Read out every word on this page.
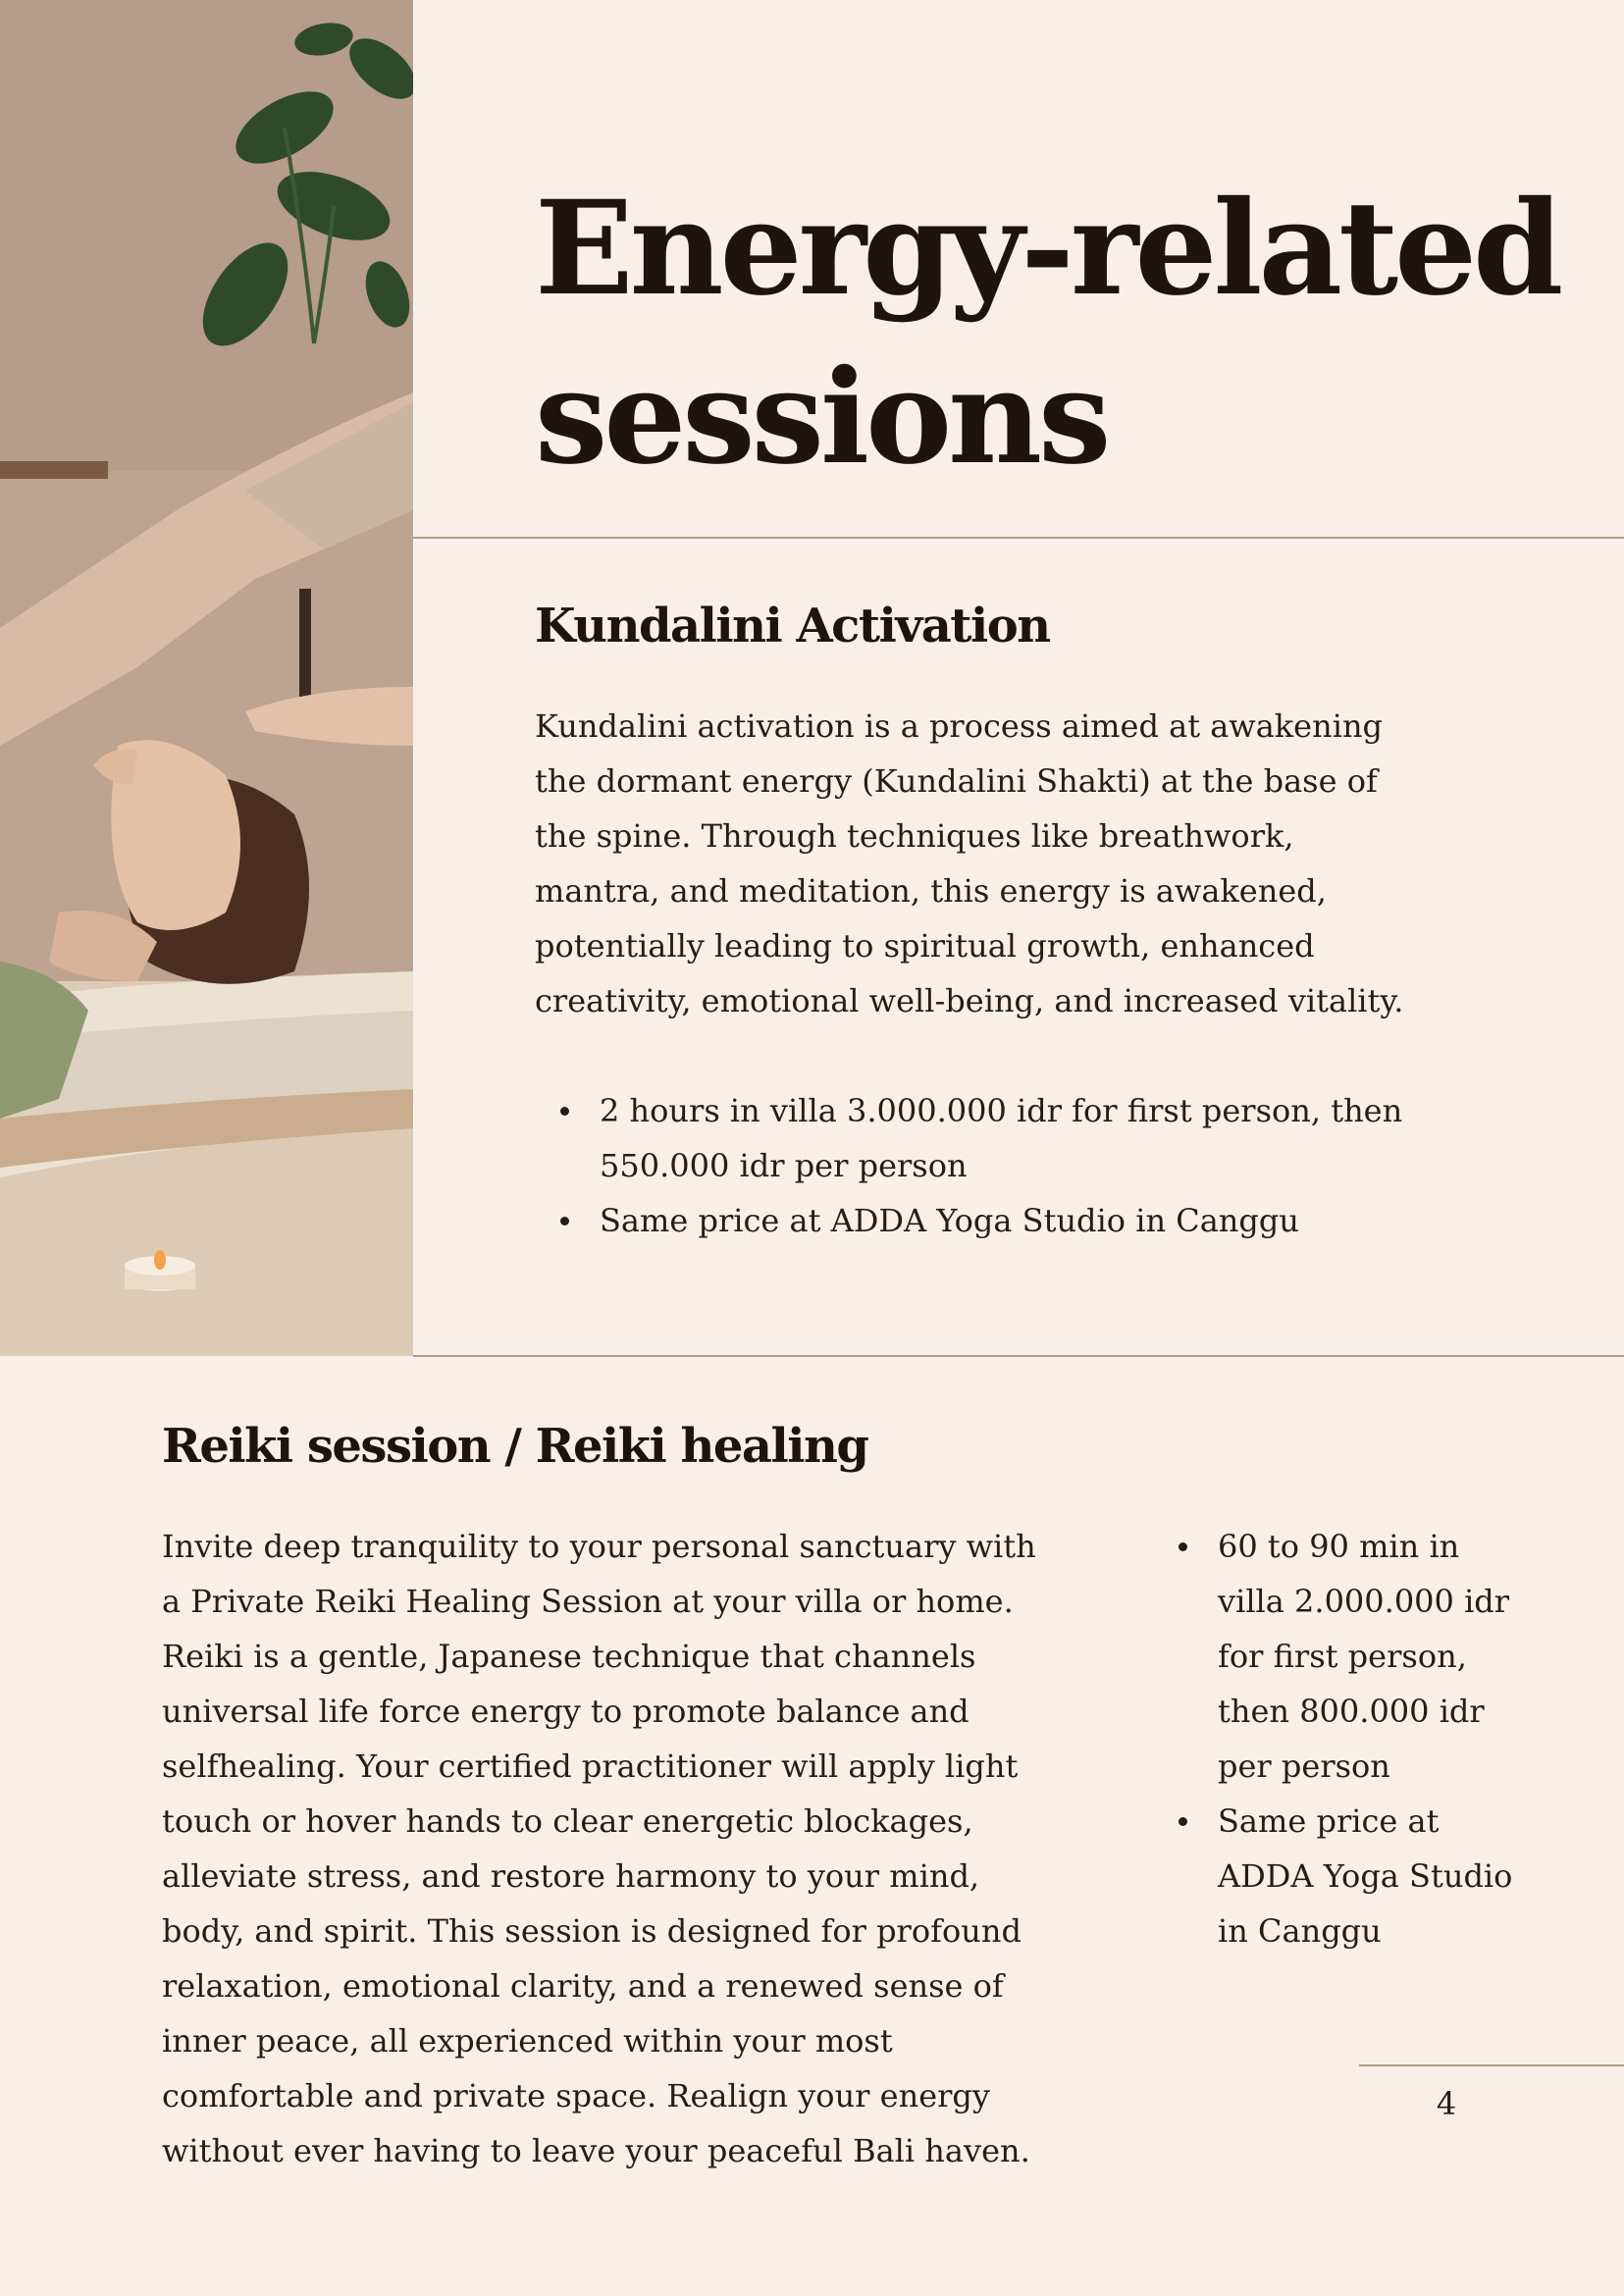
Energy-related
sessions
Kundalini Activation

Kundalini activation is a process aimed at awakening
the dormant energy (Kundalini Shakti) at the base of
the spine. Through techniques like breathwork,
mantra, and meditation, this energy is awakened,
potentially leading to spiritual growth, enhanced
creativity, emotional well-being, and increased vitality.

2 hours in villa 3.000.000 idr for first person, then
550.000 idr per person
Same price at ADDA Yoga Studio in Canggu
Reiki session / Reiki healing

Invite deep tranquility to your personal sanctuary with
a Private Reiki Healing Session at your villa or home.
Reiki is a gentle, Japanese technique that channels
universal life force energy to promote balance and
selfhealing. Your certified practitioner will apply light
touch or hover hands to clear energetic blockages,
alleviate stress, and restore harmony to your mind,
body, and spirit. This session is designed for profound
relaxation, emotional clarity, and a renewed sense of
inner peace, all experienced within your most
comfortable and private space. Realign your energy
without ever having to leave your peaceful Bali haven.

60 to 90 min in
villa 2.000.000 idr
for first person,
then 800.000 idr
per person
Same price at
ADDA Yoga Studio
in Canggu
4
